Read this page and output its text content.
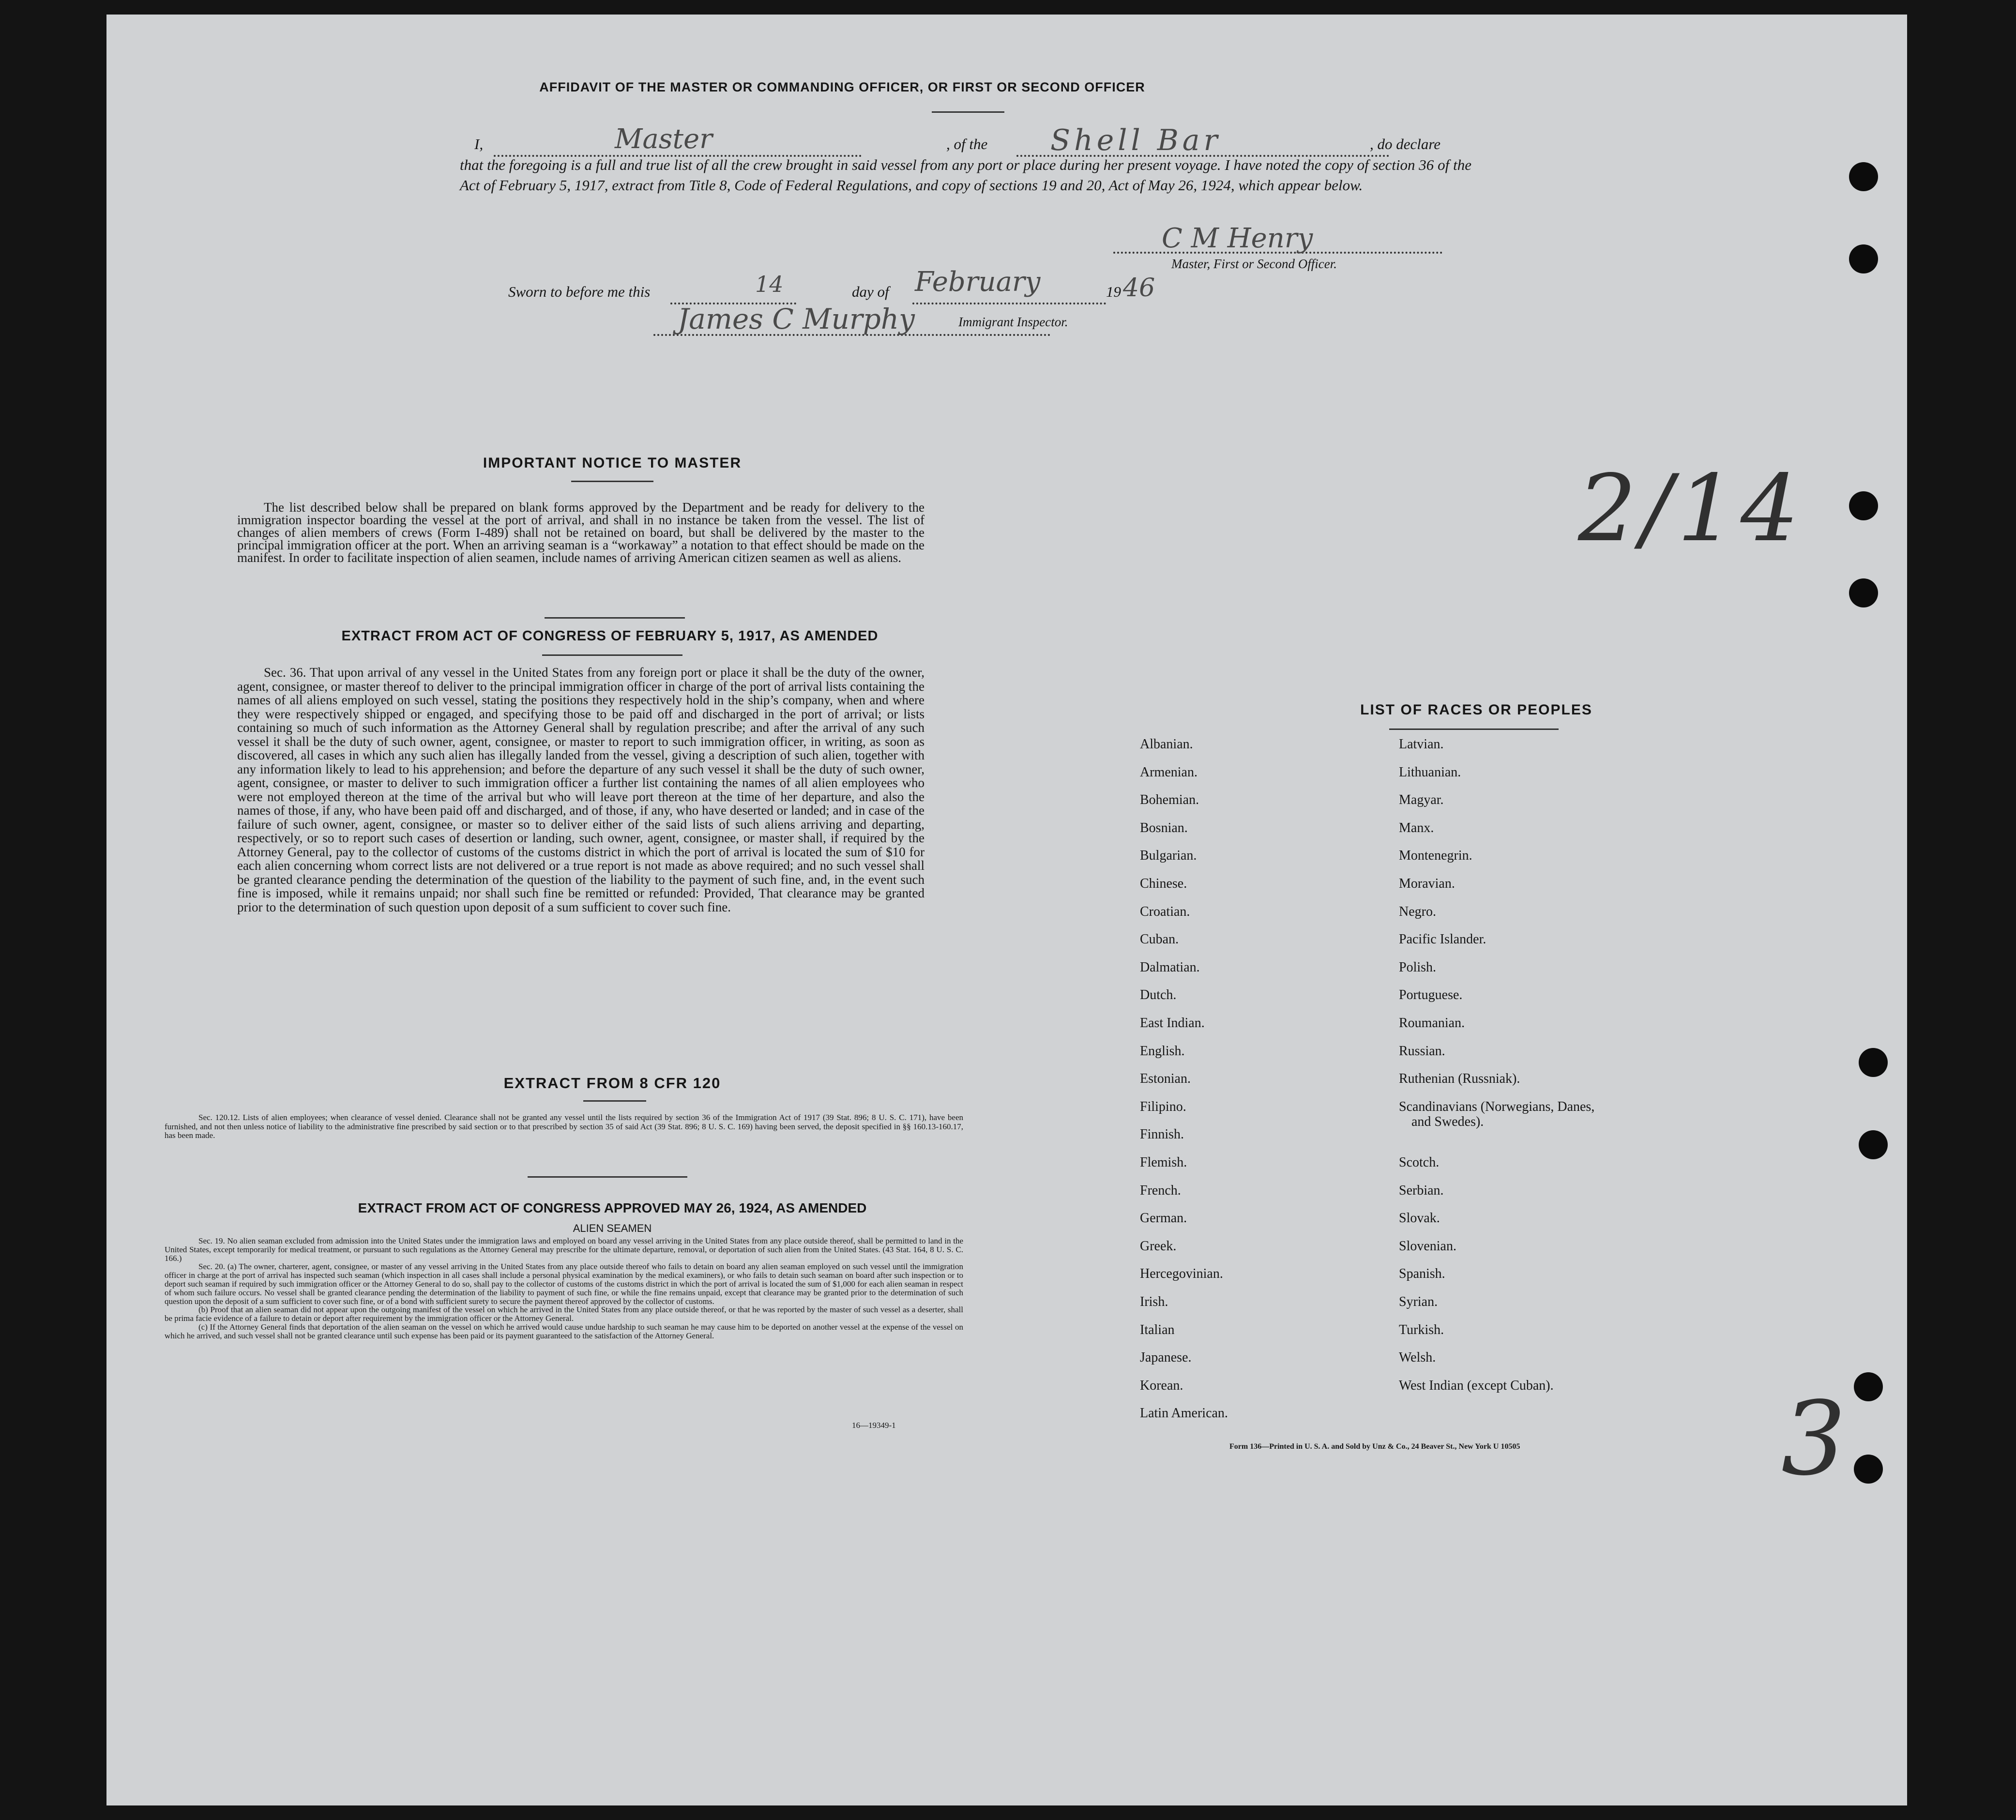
AFFIDAVIT OF THE MASTER OR COMMANDING OFFICER, OR FIRST OR SECOND OFFICER
I,	Master	, of the Shell Bar	, do declare
that the foregoing is a full and true list of all the crew brought in said vessel from any port or place during her present voyage. I have noted the copy of section 36 of the Act of February 5, 1917, extract from Title 8, Code of Federal Regulations, and copy of sections 19 and 20, Act of May 26, 1924, which appear below.
C M Henry
Master, First or Second Officer.
Sworn to before me this	14	day of February	19 46
James C Murphy	Immigrant Inspector.
IMPORTANT NOTICE TO MASTER
The list described below shall be prepared on blank forms approved by the Department and be ready for delivery to the immigration inspector boarding the vessel at the port of arrival, and shall in no instance be taken from the vessel. The list of changes of alien members of crews (Form I-489) shall not be retained on board, but shall be delivered by the master to the principal immigration officer at the port. When an arriving seaman is a “workaway” a notation to that effect should be made on the manifest. In order to facilitate inspection of alien seamen, include names of arriving American citizen seamen as well as aliens.
EXTRACT FROM ACT OF CONGRESS OF FEBRUARY 5, 1917, AS AMENDED
Sec. 36. That upon arrival of any vessel in the United States from any foreign port or place it shall be the duty of the owner, agent, consignee, or master thereof to deliver to the principal immigration officer in charge of the port of arrival lists containing the names of all aliens employed on such vessel, stating the positions they respectively hold in the ship’s company, when and where they were respectively shipped or engaged, and specifying those to be paid off and discharged in the port of arrival; or lists containing so much of such information as the Attorney General shall by regulation prescribe; and after the arrival of any such vessel it shall be the duty of such owner, agent, consignee, or master to report to such immigration officer, in writing, as soon as discovered, all cases in which any such alien has illegally landed from the vessel, giving a description of such alien, together with any information likely to lead to his apprehension; and before the departure of any such vessel it shall be the duty of such owner, agent, consignee, or master to deliver to such immigration officer a further list containing the names of all alien employees who were not employed thereon at the time of the arrival but who will leave port thereon at the time of her departure, and also the names of those, if any, who have been paid off and discharged, and of those, if any, who have deserted or landed; and in case of the failure of such owner, agent, consignee, or master so to deliver either of the said lists of such aliens arriving and departing, respectively, or so to report such cases of desertion or landing, such owner, agent, consignee, or master shall, if required by the Attorney General, pay to the collector of customs of the customs district in which the port of arrival is located the sum of $10 for each alien concerning whom correct lists are not delivered or a true report is not made as above required; and no such vessel shall be granted clearance pending the determination of the question of the liability to the payment of such fine, and, in the event such fine is imposed, while it remains unpaid; nor shall such fine be remitted or refunded: Provided, That clearance may be granted prior to the determination of such question upon deposit of a sum sufficient to cover such fine.
EXTRACT FROM 8 CFR 120
Sec. 120.12. Lists of alien employees; when clearance of vessel denied. Clearance shall not be granted any vessel until the lists required by section 36 of the Immigration Act of 1917 (39 Stat. 896; 8 U. S. C. 171), have been furnished, and not then unless notice of liability to the administrative fine prescribed by said section or to that prescribed by section 35 of said Act (39 Stat. 896; 8 U. S. C. 169) having been served, the deposit specified in §§ 160.13-160.17, has been made.
EXTRACT FROM ACT OF CONGRESS APPROVED MAY 26, 1924, AS AMENDED
ALIEN SEAMEN
Sec. 19. No alien seaman excluded from admission into the United States under the immigration laws and employed on board any vessel arriving in the United States from any place outside thereof, shall be permitted to land in the United States, except temporarily for medical treatment, or pursuant to such regulations as the Attorney General may prescribe for the ultimate departure, removal, or deportation of such alien from the United States. (43 Stat. 164, 8 U. S. C. 166.)
Sec. 20. (a) The owner, charterer, agent, consignee, or master of any vessel arriving in the United States from any place outside thereof who fails to detain on board any alien seaman employed on such vessel until the immigration officer in charge at the port of arrival has inspected such seaman (which inspection in all cases shall include a personal physical examination by the medical examiners), or who fails to detain such seaman on board after such inspection or to deport such seaman if required by such immigration officer or the Attorney General to do so, shall pay to the collector of customs of the customs district in which the port of arrival is located the sum of $1,000 for each alien seaman in respect of whom such failure occurs. No vessel shall be granted clearance pending the determination of the liability to payment of such fine, or while the fine remains unpaid, except that clearance may be granted prior to the determination of such question upon the deposit of a sum sufficient to cover such fine, or of a bond with sufficient surety to secure the payment thereof approved by the collector of customs.
(b) Proof that an alien seaman did not appear upon the outgoing manifest of the vessel on which he arrived in the United States from any place outside thereof, or that he was reported by the master of such vessel as a deserter, shall be prima facie evidence of a failure to detain or deport after requirement by the immigration officer or the Attorney General.
(c) If the Attorney General finds that deportation of the alien seaman on the vessel on which he arrived would cause undue hardship to such seaman he may cause him to be deported on another vessel at the expense of the vessel on which he arrived, and such vessel shall not be granted clearance until such expense has been paid or its payment guaranteed to the satisfaction of the Attorney General.
16—19349-1
LIST OF RACES OR PEOPLES
Albanian.
Armenian.
Bohemian.
Bosnian.
Bulgarian.
Chinese.
Croatian.
Cuban.
Dalmatian.
Dutch.
East Indian.
English.
Estonian.
Filipino.
Finnish.
Flemish.
French.
German.
Greek.
Hercegovinian.
Irish.
Italian
Japanese.
Korean.
Latin American.
Latvian.
Lithuanian.
Magyar.
Manx.
Montenegrin.
Moravian.
Negro.
Pacific Islander.
Polish.
Portuguese.
Roumanian.
Russian.
Ruthenian (Russniak).
Scandinavians (Norwegians, Danes, and Swedes).
Scotch.
Serbian.
Slovak.
Slovenian.
Spanish.
Syrian.
Turkish.
Welsh.
West Indian (except Cuban).
Form 136—Printed in U. S. A. and Sold by Unz & Co., 24 Beaver St., New York U 10505
2/14
3
